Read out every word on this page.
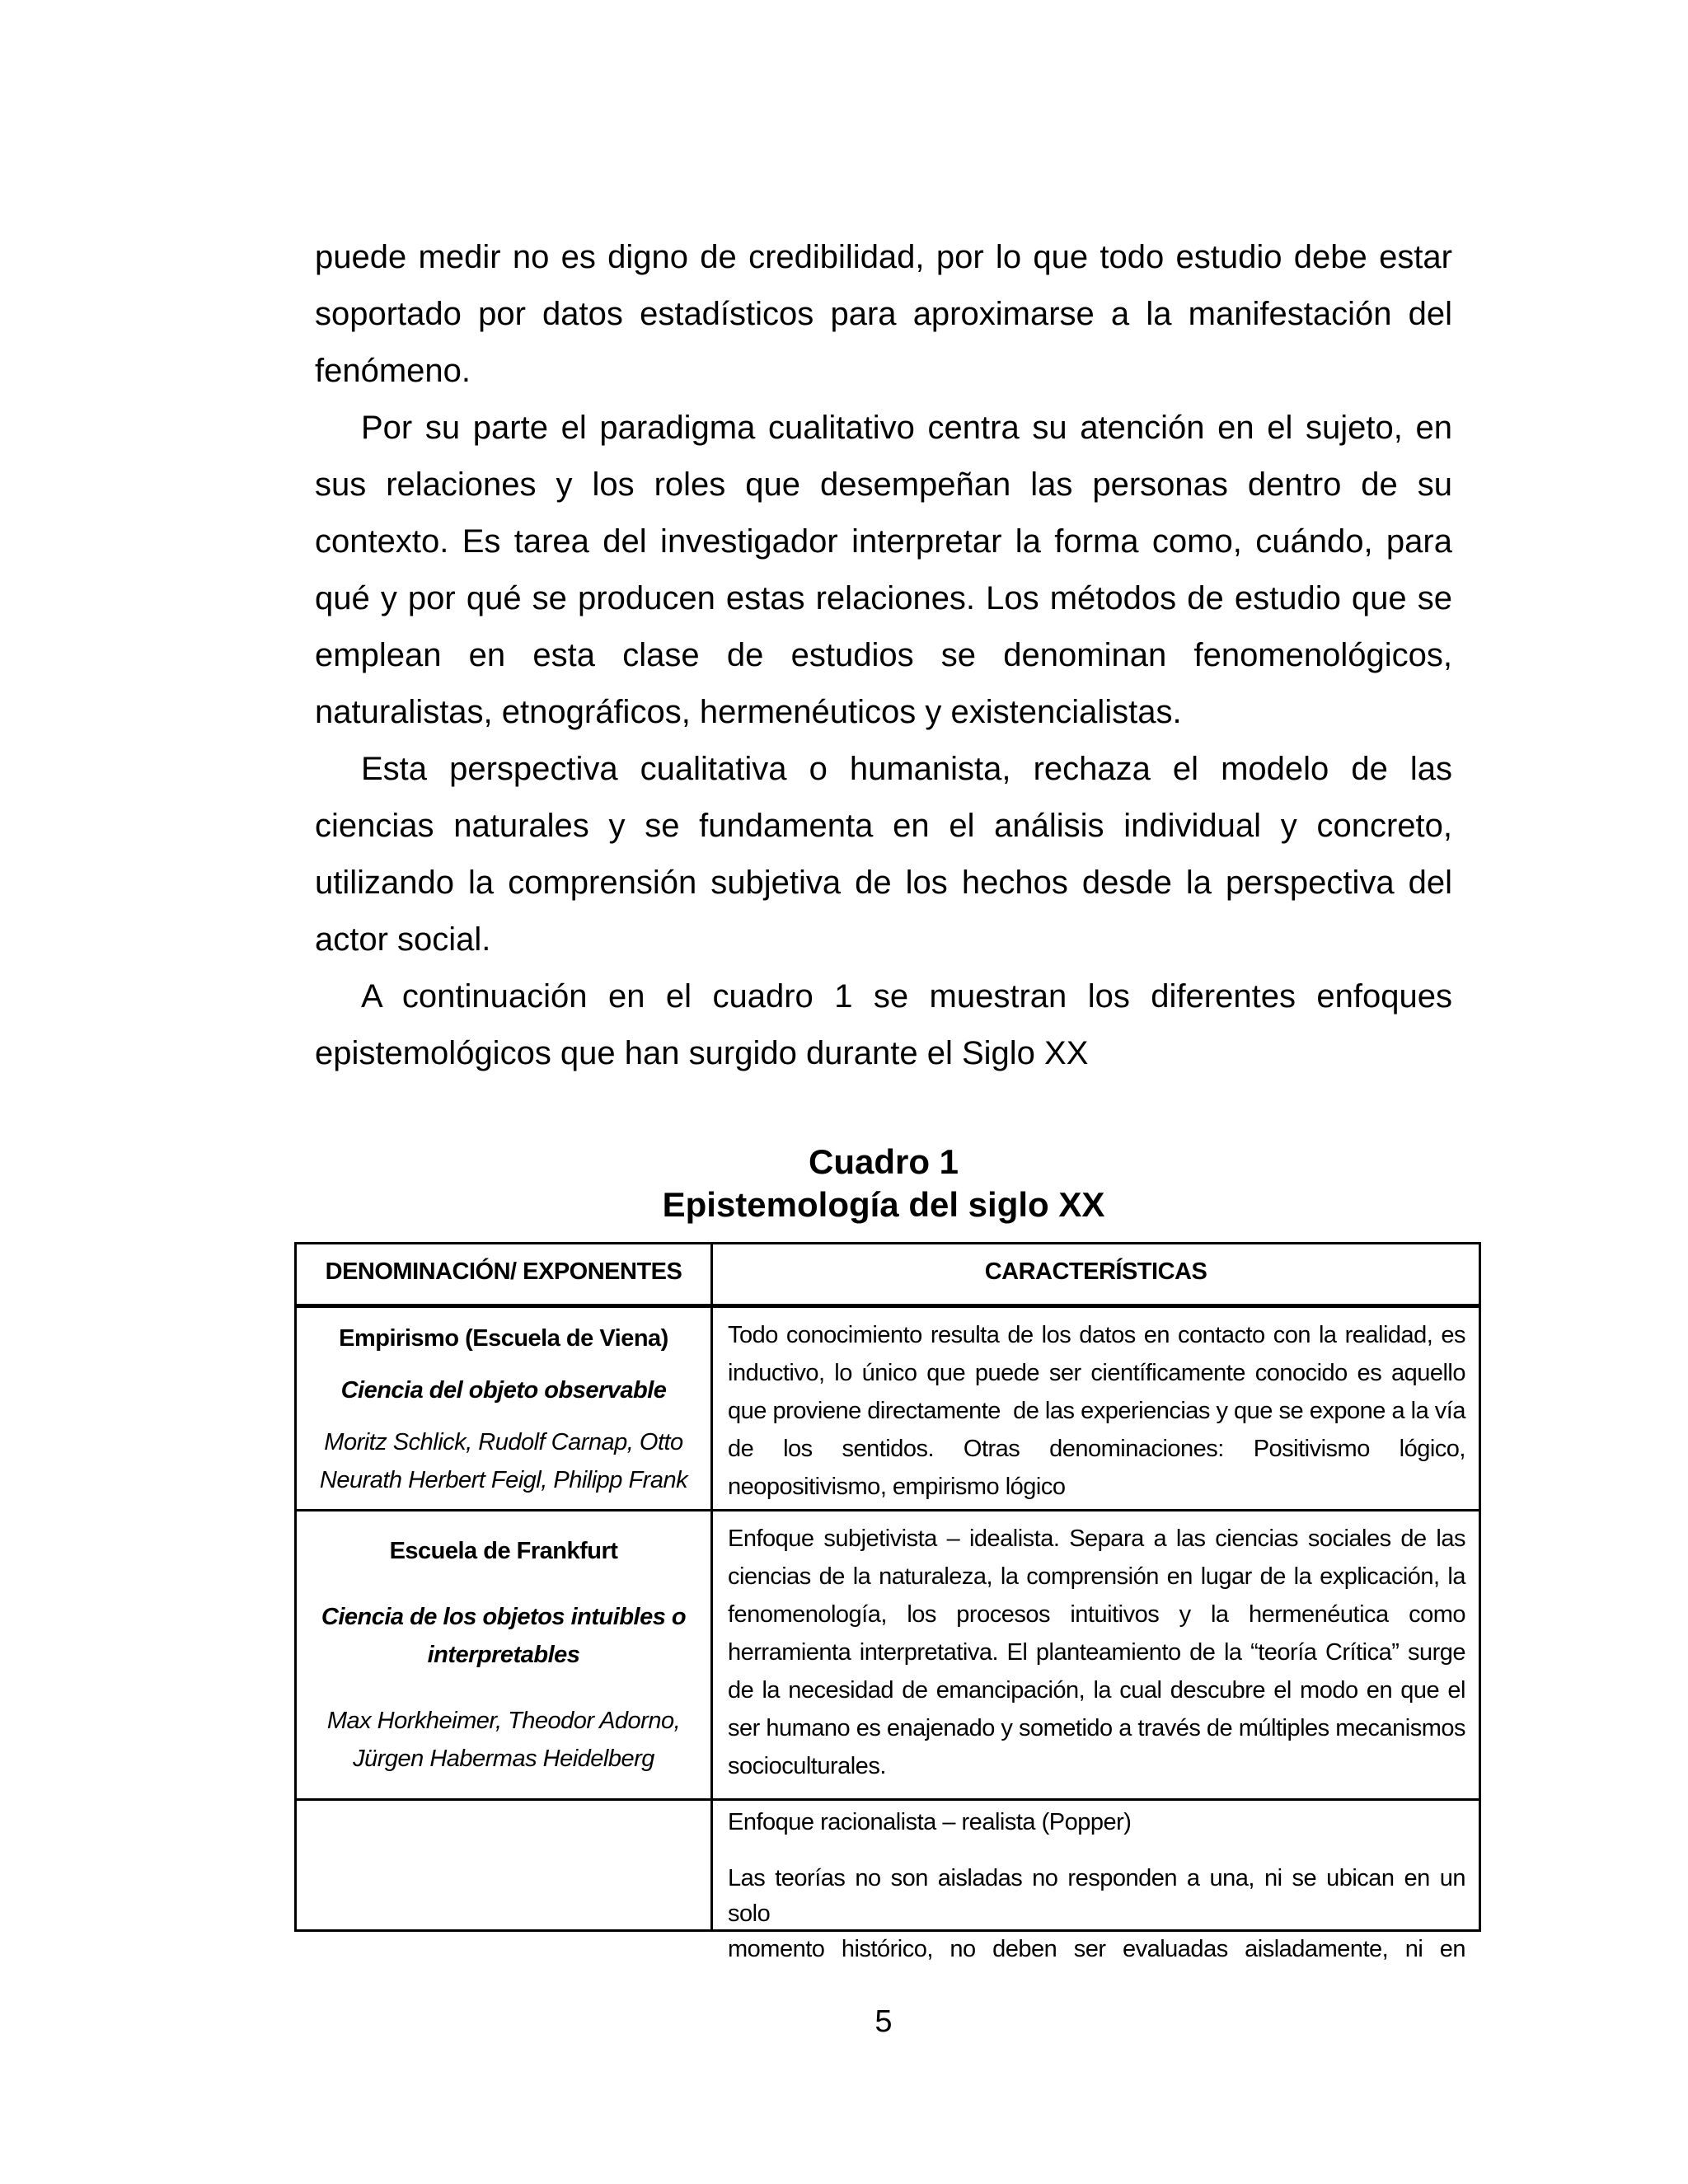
puede medir no es digno de credibilidad, por lo que todo estudio debe estar
soportado por datos estadísticos para aproximarse a la manifestación del
fenómeno.
Por su parte el paradigma cualitativo centra su atención en el sujeto, en
sus relaciones y los roles que desempeñan las personas dentro de su
contexto. Es tarea del investigador interpretar la forma como, cuándo, para
qué y por qué se producen estas relaciones. Los métodos de estudio que se
emplean en esta clase de estudios se denominan fenomenológicos,
naturalistas, etnográficos, hermenéuticos y existencialistas.
Esta perspectiva cualitativa o humanista, rechaza el modelo de las
ciencias naturales y se fundamenta en el análisis individual y concreto,
utilizando la comprensión subjetiva de los hechos desde la perspectiva del
actor social.
A continuación en el cuadro 1 se muestran los diferentes enfoques
epistemológicos que han surgido durante el Siglo XX
Cuadro 1
Epistemología del siglo XX
DENOMINACIÓN/ EXPONENTES	CARACTERÍSTICAS
Empirismo (Escuela de Viena)
Ciencia del objeto observable
Moritz Schlick, Rudolf Carnap, Otto
Neurath Herbert Feigl, Philipp Frank
Todo conocimiento resulta de los datos en contacto con la realidad, es
inductivo, lo único que puede ser científicamente conocido es aquello
que proviene directamente  de las experiencias y que se expone a la vía
de los sentidos. Otras denominaciones: Positivismo lógico,
neopositivismo, empirismo lógico
Escuela de Frankfurt
Ciencia de los objetos intuibles o
interpretables
Max Horkheimer, Theodor Adorno,
Jürgen Habermas Heidelberg
Enfoque subjetivista – idealista. Separa a las ciencias sociales de las
ciencias de la naturaleza, la comprensión en lugar de la explicación, la
fenomenología, los procesos intuitivos y la hermenéutica como
herramienta interpretativa. El planteamiento de la “teoría Crítica” surge
de la necesidad de emancipación, la cual descubre el modo en que el
ser humano es enajenado y sometido a través de múltiples mecanismos
socioculturales.
Enfoque racionalista – realista (Popper)
Las teorías no son aisladas no responden a una, ni se ubican en un solo
momento histórico, no deben ser evaluadas aisladamente, ni en
5
